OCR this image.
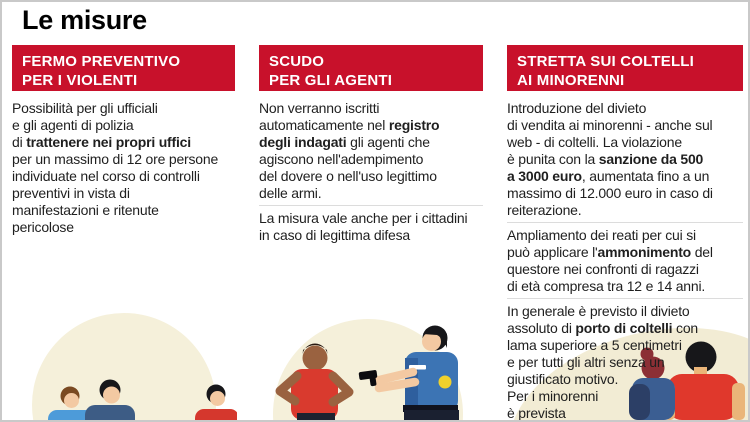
Le misure
FERMO PREVENTIVO
PER I VIOLENTI

Possibilità per gli ufficiali
e gli agenti di polizia
di trattenere nei propri uffici
per un massimo di 12 ore persone
individuate nel corso di controlli
preventivi in vista di
manifestazioni e ritenute
pericolose

SCUDO
PER GLI AGENTI

Non verranno iscritti
automaticamente nel registro
degli indagati gli agenti che
agiscono nell'adempimento
del dovere o nell'uso legittimo
delle armi.

La misura vale anche per i cittadini
in caso di legittima difesa

STRETTA SUI COLTELLI
AI MINORENNI

Introduzione del divieto
di vendita ai minorenni - anche sul
web - di coltelli. La violazione
è punita con la sanzione da 500
a 3000 euro, aumentata fino a un
massimo di 12.000 euro in caso di
reiterazione.

Ampliamento dei reati per cui si
può applicare l'ammonimento del
questore nei confronti di ragazzi
di età compresa tra 12 e 14 anni.

In generale è previsto il divieto
assoluto di porto di coltelli con
lama superiore a 5 centimetri
e per tutti gli altri senza un
giustificato motivo.
Per i minorenni
è prevista
